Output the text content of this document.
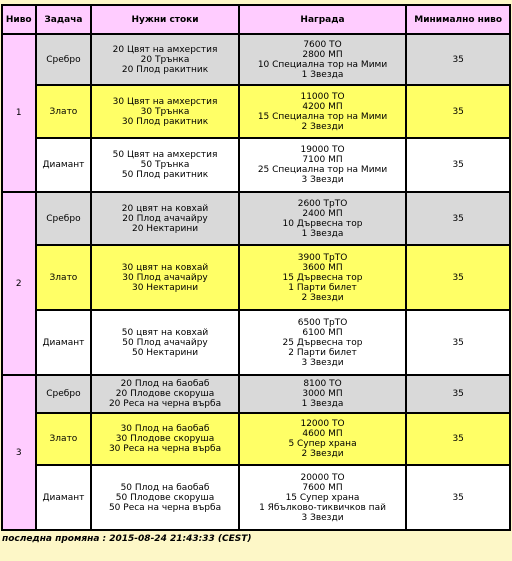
Ниво	Задача	Нужни стоки	Награда	Минимално ниво
1	Сребро	20 Цвят на амхерстия
20 Трънка
20 Плод ракитник	7600 ТО
2800 МП
10 Специална тор на Мими
1 Звезда	35
	Злато	30 Цвят на амхерстия
30 Трънка
30 Плод ракитник	11000 ТО
4200 МП
15 Специална тор на Мими
2 Звезди	35
	Диамант	50 Цвят на амхерстия
50 Трънка
50 Плод ракитник	19000 ТО
7100 МП
25 Специална тор на Мими
3 Звезди	35
2	Сребро	20 цвят на ковхай
20 Плод ачачайру
20 Нектарини	2600 ТрТО
2400 МП
10 Дървесна тор
1 Звезда	35
	Злато	30 цвят на ковхай
30 Плод ачачайру
30 Нектарини	3900 ТрТО
3600 МП
15 Дървесна тор
1 Парти билет
2 Звезди	35
	Диамант	50 цвят на ковхай
50 Плод ачачайру
50 Нектарини	6500 ТрТО
6100 МП
25 Дървесна тор
2 Парти билет
3 Звезди	35
3	Сребро	20 Плод на баобаб
20 Плодове скоруша
20 Реса на черна върба	8100 ТО
3000 МП
1 Звезда	35
	Злато	30 Плод на баобаб
30 Плодове скоруша
30 Реса на черна върба	12000 ТО
4600 МП
5 Супер храна
2 Звезди	35
	Диамант	50 Плод на баобаб
50 Плодове скоруша
50 Реса на черна върба	20000 ТО
7600 МП
15 Супер храна
1 Ябълково-тиквичков пай
3 Звезди	35
последна промяна : 2015-08-24 21:43:33 (CEST)
